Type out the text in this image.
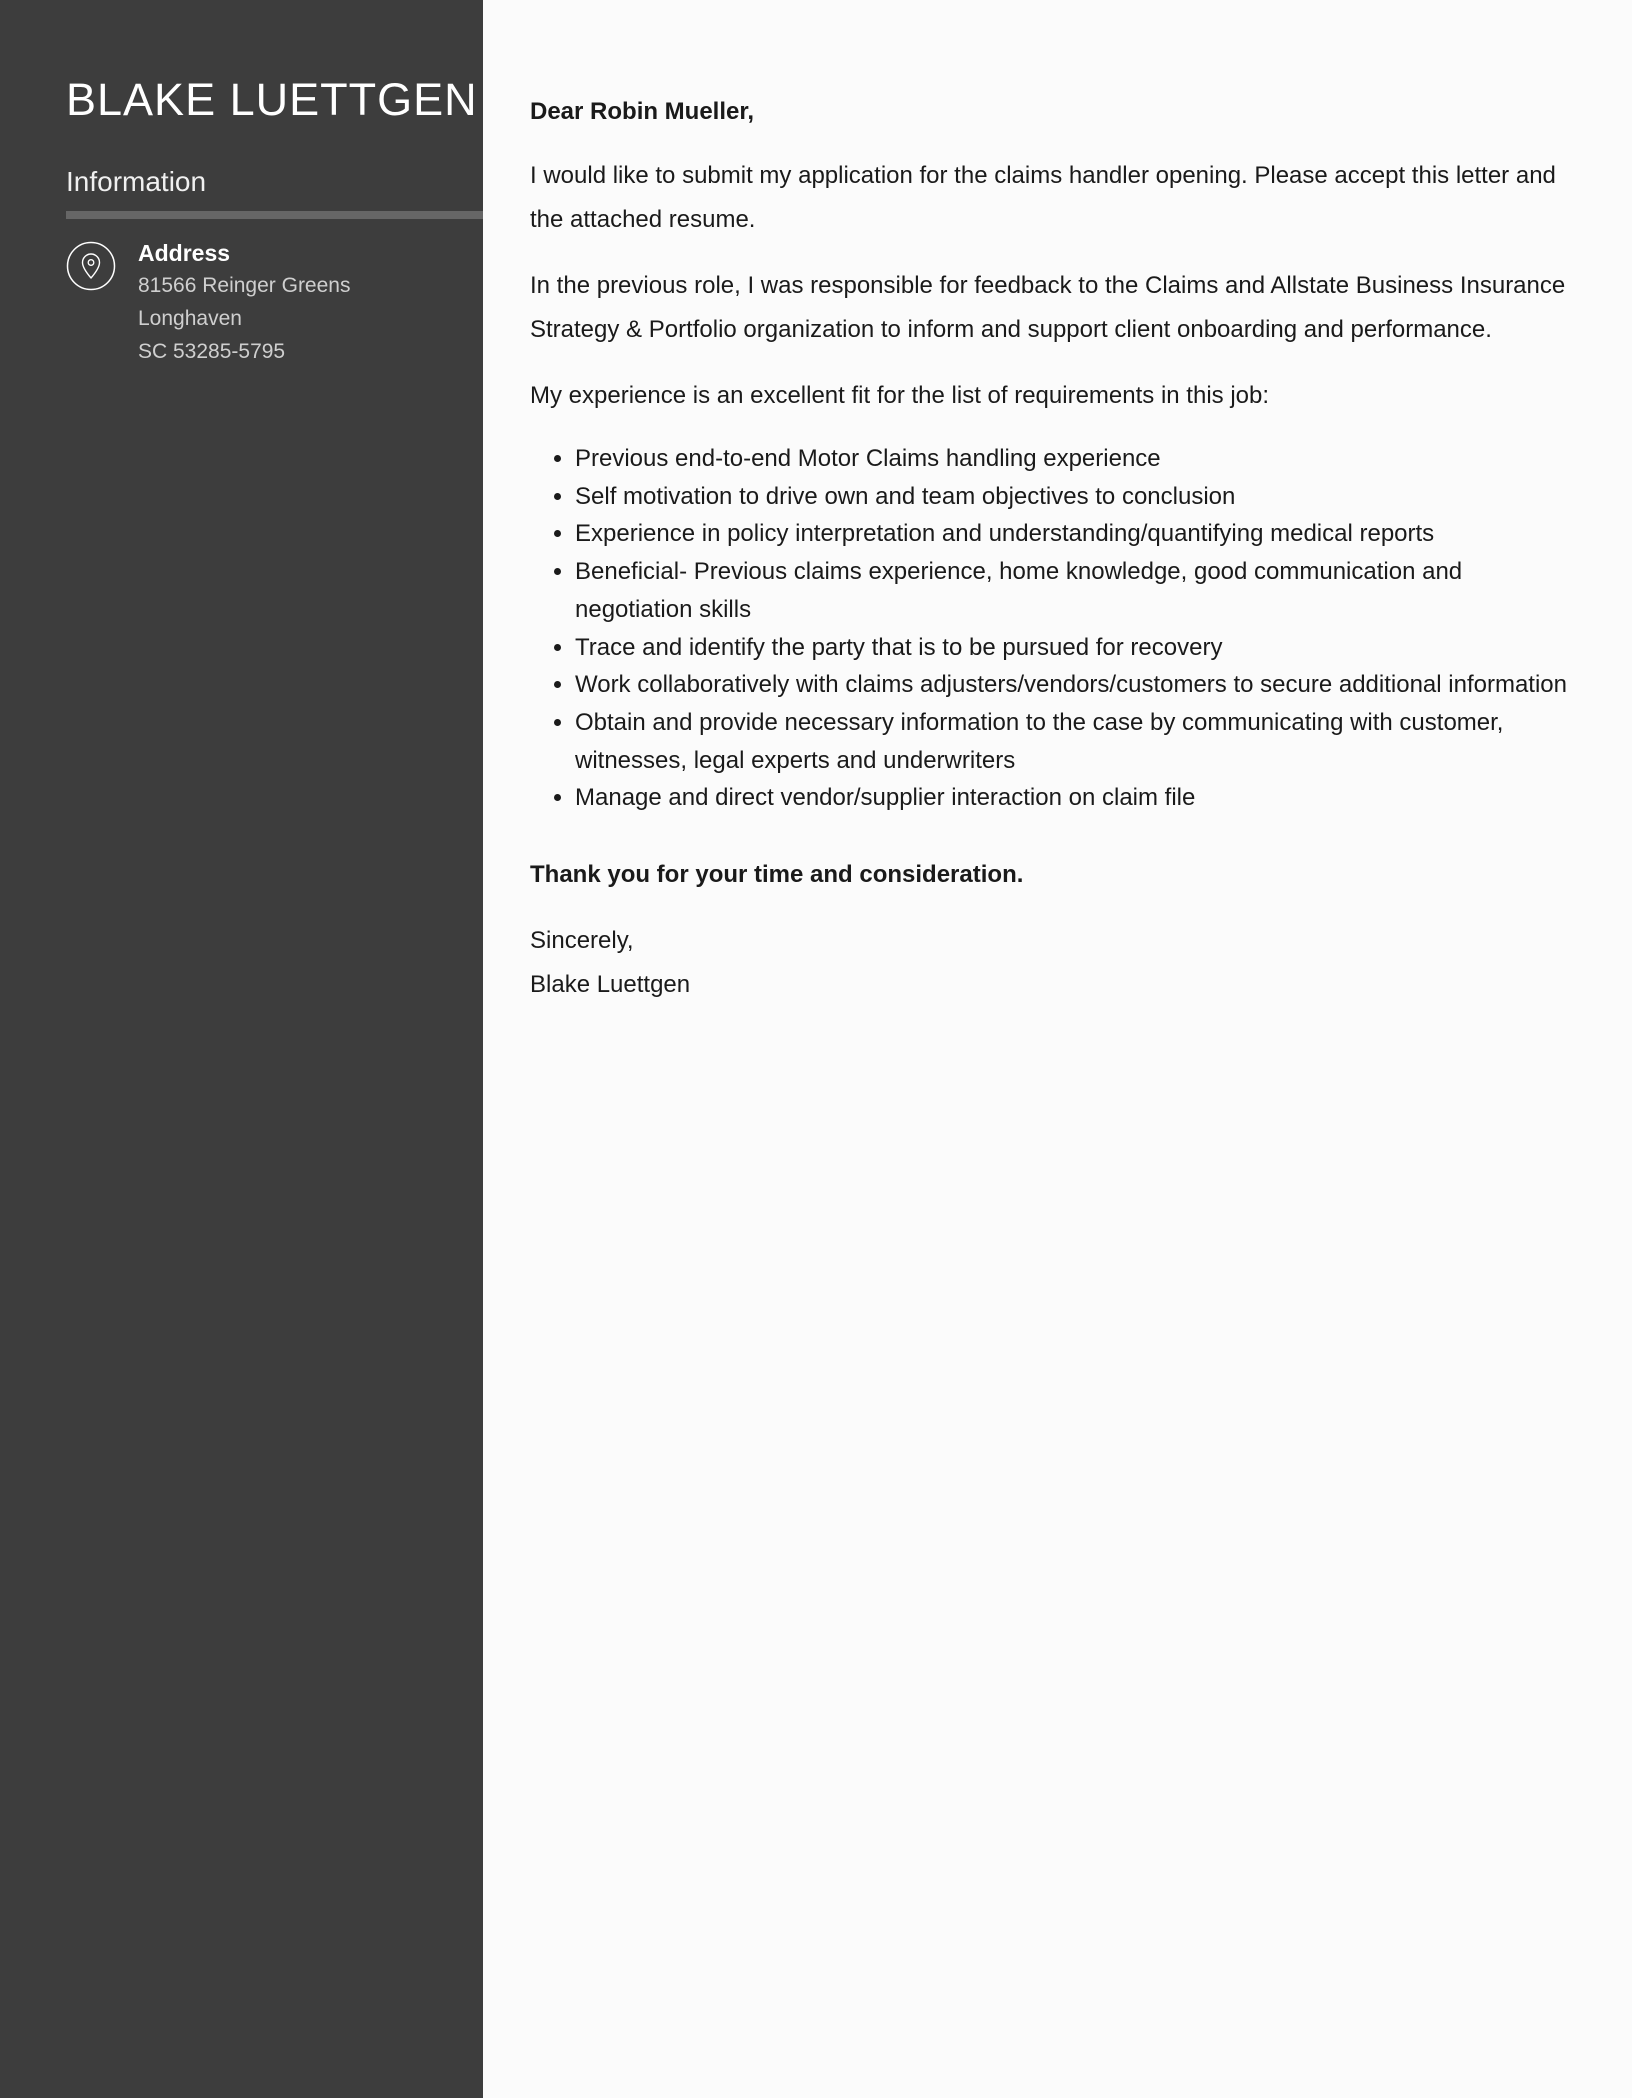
BLAKE LUETTGEN
Information
Address
81566 Reinger Greens
Longhaven
SC 53285-5795

Dear Robin Mueller,

I would like to submit my application for the claims handler opening. Please accept this letter and the attached resume.

In the previous role, I was responsible for feedback to the Claims and Allstate Business Insurance Strategy & Portfolio organization to inform and support client onboarding and performance.

My experience is an excellent fit for the list of requirements in this job:

• Previous end-to-end Motor Claims handling experience
• Self motivation to drive own and team objectives to conclusion
• Experience in policy interpretation and understanding/quantifying medical reports
• Beneficial- Previous claims experience, home knowledge, good communication and negotiation skills
• Trace and identify the party that is to be pursued for recovery
• Work collaboratively with claims adjusters/vendors/customers to secure additional information
• Obtain and provide necessary information to the case by communicating with customer, witnesses, legal experts and underwriters
• Manage and direct vendor/supplier interaction on claim file

Thank you for your time and consideration.

Sincerely,

Blake Luettgen
